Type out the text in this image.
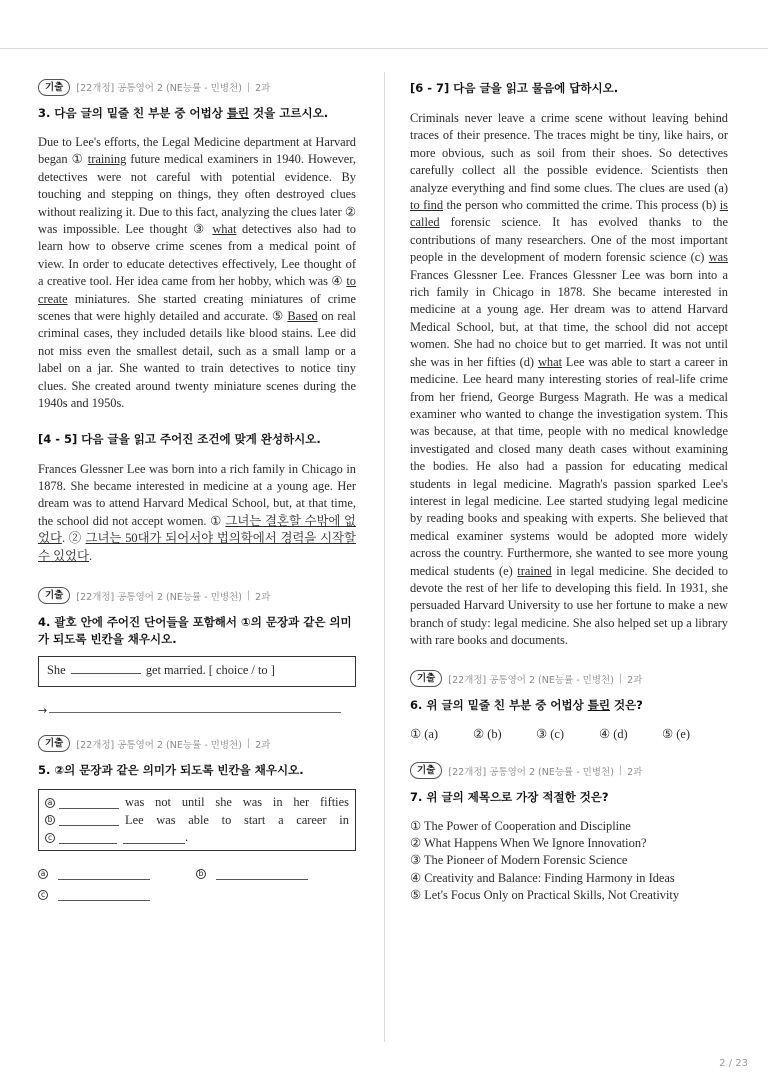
기출	[22개정] 공통영어 2 (NE능률 - 민병천) | 2과
3. 다음 글의 밑줄 친 부분 중 어법상 틀린 것을 고르시오.
Due to Lee's efforts, the Legal Medicine department at Harvard began ① training future medical examiners in 1940. However, detectives were not careful with potential evidence. By touching and stepping on things, they often destroyed clues without realizing it. Due to this fact, analyzing the clues later ② was impossible. Lee thought ③ what detectives also had to learn how to observe crime scenes from a medical point of view. In order to educate detectives effectively, Lee thought of a creative tool. Her idea came from her hobby, which was ④ to create miniatures. She started creating miniatures of crime scenes that were highly detailed and accurate. ⑤ Based on real criminal cases, they included details like blood stains. Lee did not miss even the smallest detail, such as a small lamp or a label on a jar. She wanted to train detectives to notice tiny clues. She created around twenty miniature scenes during the 1940s and 1950s.
[4 - 5] 다음 글을 읽고 주어진 조건에 맞게 완성하시오.
Frances Glessner Lee was born into a rich family in Chicago in 1878. She became interested in medicine at a young age. Her dream was to attend Harvard Medical School, but, at that time, the school did not accept women. ① 그녀는 결혼할 수밖에 없었다. ② 그녀는 50대가 되어서야 법의학에서 경력을 시작할 수 있었다.
기출	[22개정] 공통영어 2 (NE능률 - 민병천) | 2과
4. 괄호 안에 주어진 단어들을 포함해서 ①의 문장과 같은 의미가 되도록 빈칸을 채우시오.
She	get married. [ choice / to ]
→
기출	[22개정] 공통영어 2 (NE능률 - 민병천) | 2과
5. ②의 문장과 같은 의미가 되도록 빈칸을 채우시오.
a	was not until she was in her fifties
b	Lee was able to start a career in
c	.
a	b
c
[6 - 7] 다음 글을 읽고 물음에 답하시오.
Criminals never leave a crime scene without leaving behind traces of their presence. The traces might be tiny, like hairs, or more obvious, such as soil from their shoes. So detectives carefully collect all the possible evidence. Scientists then analyze everything and find some clues. The clues are used (a) to find the person who committed the crime. This process (b) is called forensic science. It has evolved thanks to the contributions of many researchers. One of the most important people in the development of modern forensic science (c) was Frances Glessner Lee. Frances Glessner Lee was born into a rich family in Chicago in 1878. She became interested in medicine at a young age. Her dream was to attend Harvard Medical School, but, at that time, the school did not accept women. She had no choice but to get married. It was not until she was in her fifties (d) what Lee was able to start a career in medicine. Lee heard many interesting stories of real-life crime from her friend, George Burgess Magrath. He was a medical examiner who wanted to change the investigation system. This was because, at that time, people with no medical knowledge investigated and closed many death cases without examining the bodies. He also had a passion for educating medical students in legal medicine. Magrath's passion sparked Lee's interest in legal medicine. Lee started studying legal medicine by reading books and speaking with experts. She believed that medical examiner systems would be adopted more widely across the country. Furthermore, she wanted to see more young medical students (e) trained in legal medicine. She decided to devote the rest of her life to developing this field. In 1931, she persuaded Harvard University to use her fortune to make a new branch of study: legal medicine. She also helped set up a library with rare books and documents.
기출	[22개정] 공통영어 2 (NE능률 - 민병천) | 2과
6. 위 글의 밑줄 친 부분 중 어법상 틀린 것은?
① (a)	② (b)	③ (c)	④ (d)	⑤ (e)
기출	[22개정] 공통영어 2 (NE능률 - 민병천) | 2과
7. 위 글의 제목으로 가장 적절한 것은?
① The Power of Cooperation and Discipline
② What Happens When We Ignore Innovation?
③ The Pioneer of Modern Forensic Science
④ Creativity and Balance: Finding Harmony in Ideas
⑤ Let's Focus Only on Practical Skills, Not Creativity
2 / 23
